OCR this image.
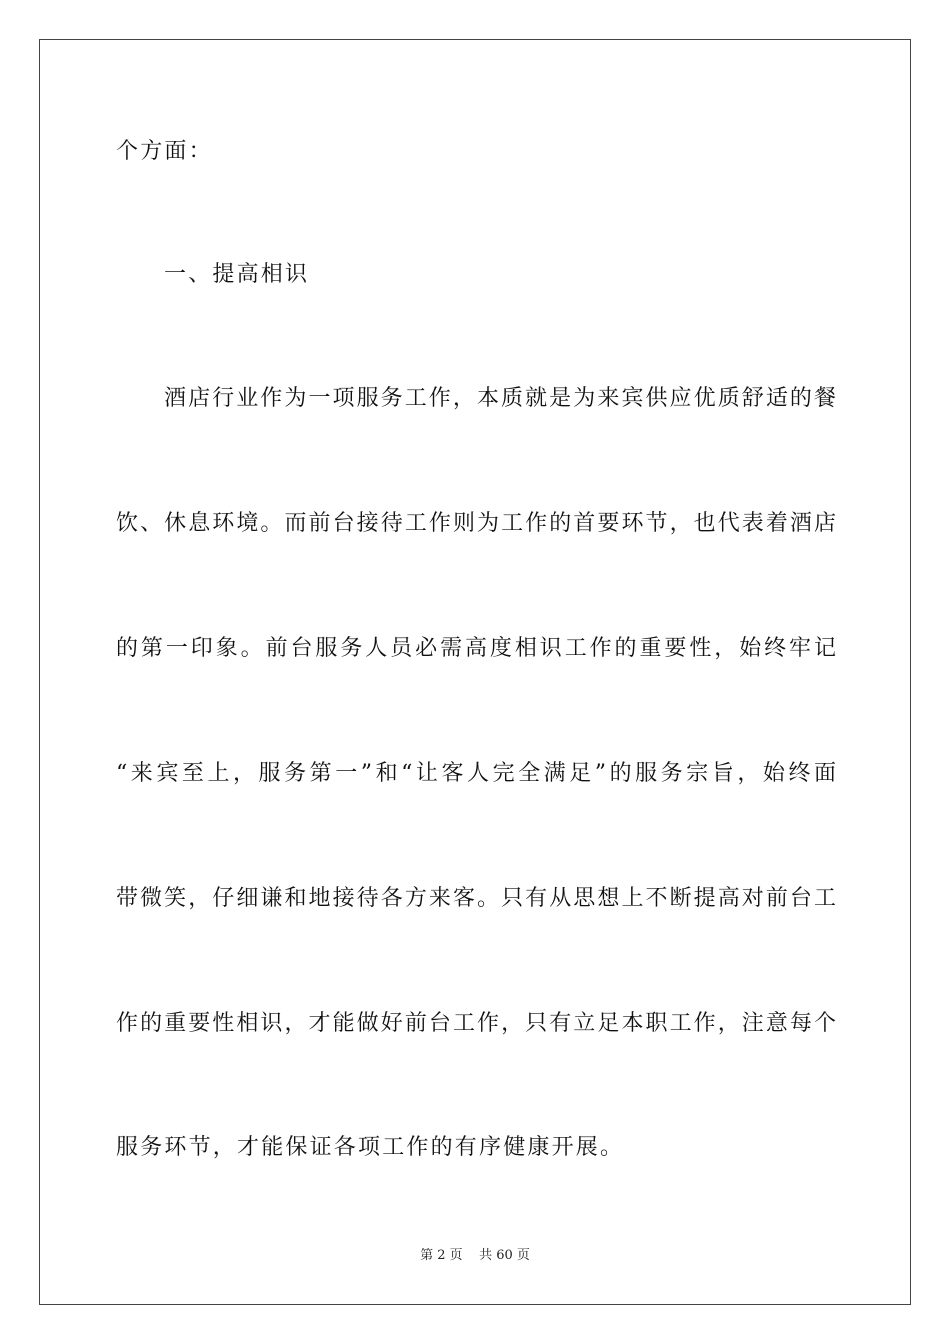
个方面：
一、提高相识
酒店行业作为一项服务工作，本质就是为来宾供应优质舒适的餐
饮、休息环境。而前台接待工作则为工作的首要环节，也代表着酒店
的第一印象。前台服务人员必需高度相识工作的重要性，始终牢记
“来宾至上，服务第一”和“让客人完全满足”的服务宗旨，始终面
带微笑，仔细谦和地接待各方来客。只有从思想上不断提高对前台工
作的重要性相识，才能做好前台工作，只有立足本职工作，注意每个
服务环节，才能保证各项工作的有序健康开展。
第 2 页    共 60 页
